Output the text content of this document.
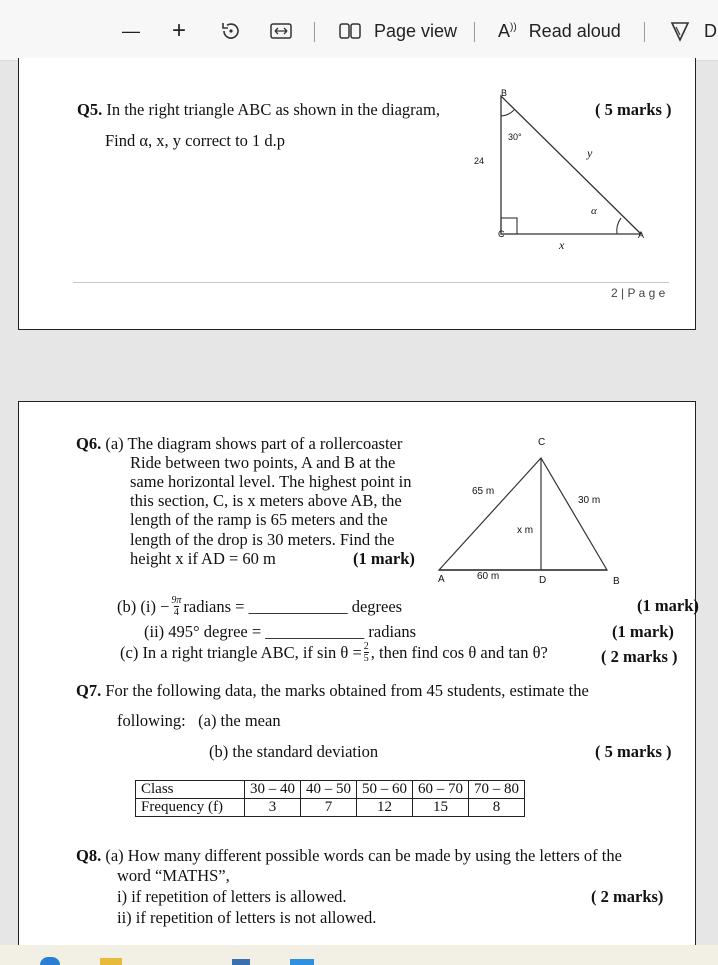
— +	Page view A)) Read aloud	D
Q5. In the right triangle ABC as shown in the diagram,
Find α, x, y correct to 1 d.p
( 5 marks )
B
30°
24
y
α
C	A
x
2 | P a g e
Q6. (a) The diagram shows part of a rollercoaster
Ride between two points, A and B at the
same horizontal level. The highest point in
this section, C, is x meters above AB, the
length of the ramp is 65 meters and the
length of the drop is 30 meters. Find the
height x if AD = 60 m	(1 mark)
C
65 m
30 m
x m
A	60 m	D	B
(b) $(i) - \frac{9\pi}{4}$ radians = ____________ degrees	(1 mark)
(ii) 495° degree = ____________ radians	(1 mark)
(c) In a right triangle ABC, if $\sin \theta = \frac{2}{5}$ , then find cos θ and tan θ?	( 2 marks )
Q7. For the following data, the marks obtained from 45 students, estimate the
following:   (a) the mean
(b) the standard deviation	( 5 marks )
Class	30 – 40	40 – 50	50 – 60	60 – 70	70 – 80
Frequency (f)	3	7	12	15	8
Q8. (a) How many different possible words can be made by using the letters of the
word “MATHS”,
i) if repetition of letters is allowed.	( 2 marks)
ii) if repetition of letters is not allowed.
